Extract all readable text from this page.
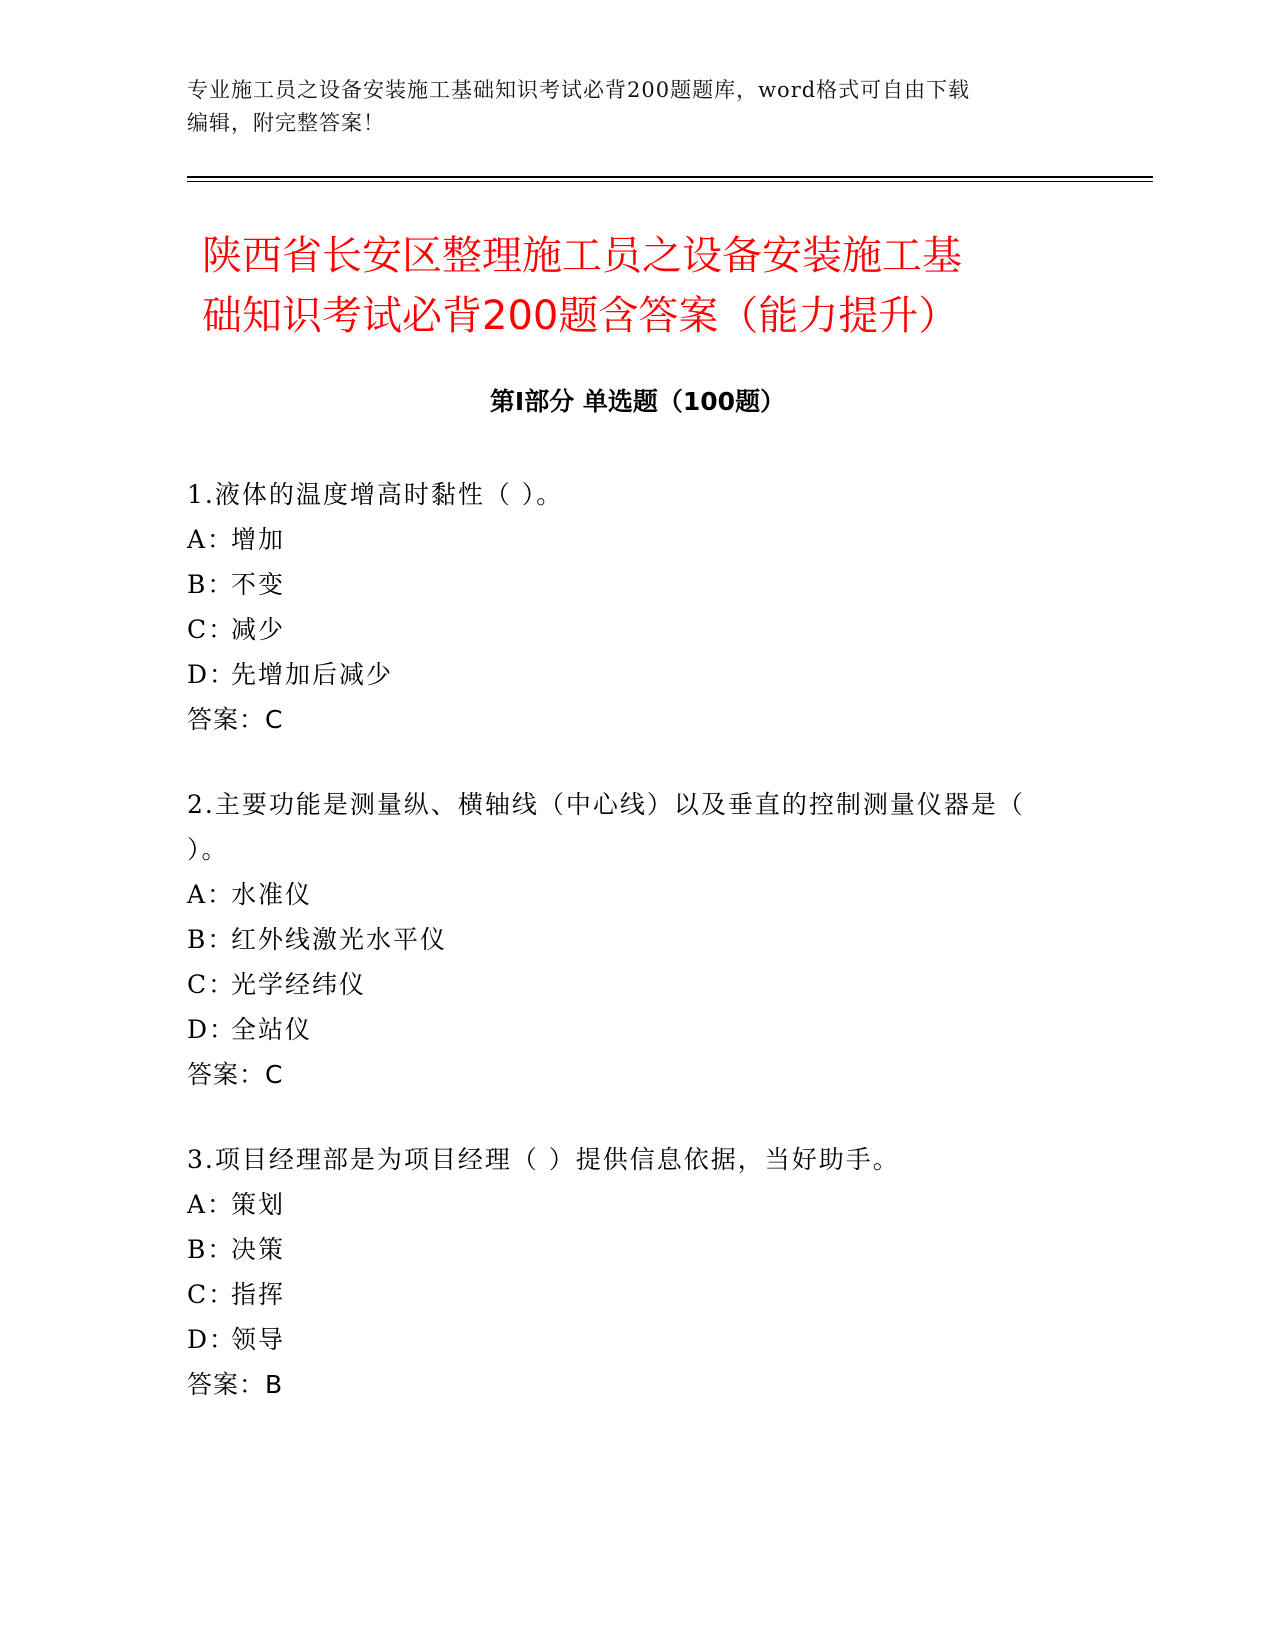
专业施工员之设备安装施工基础知识考试必背200题题库，word格式可自由下载
编辑，附完整答案！
陕西省长安区整理施工员之设备安装施工基
础知识考试必背200题含答案（能力提升）
第Ⅰ部分 单选题（100题）
1.液体的温度增高时黏性（ ）。
A：增加
B：不变
C：减少
D：先增加后减少
答案：C
2.主要功能是测量纵、横轴线（中心线）以及垂直的控制测量仪器是（ ）。
A：水准仪
B：红外线激光水平仪
C：光学经纬仪
D：全站仪
答案：C
3.项目经理部是为项目经理（ ）提供信息依据，当好助手。
A：策划
B：决策
C：指挥
D：领导
答案：B
